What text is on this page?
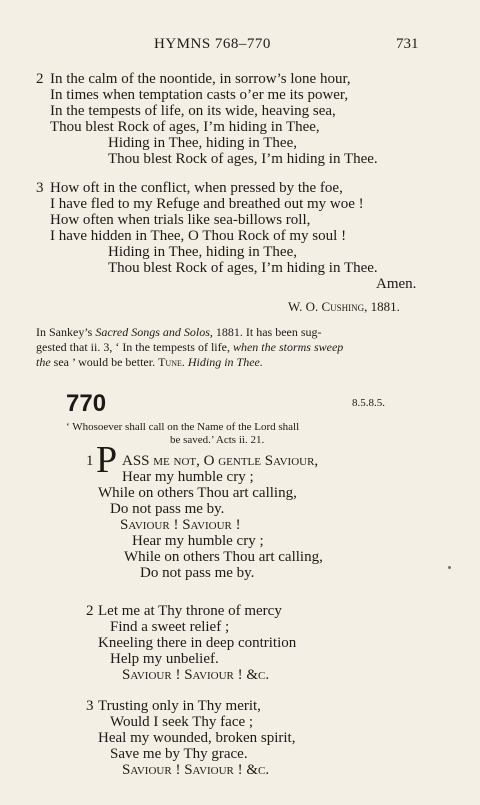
HYMNS 768–770	731
2 In the calm of the noontide, in sorrow’s lone hour,
In times when temptation casts o’er me its power,
In the tempests of life, on its wide, heaving sea,
Thou blest Rock of ages, I’m hiding in Thee,
Hiding in Thee, hiding in Thee,
Thou blest Rock of ages, I’m hiding in Thee.
3 How oft in the conflict, when pressed by the foe,
I have fled to my Refuge and breathed out my woe !
How often when trials like sea-billows roll,
I have hidden in Thee, O Thou Rock of my soul !
Hiding in Thee, hiding in Thee,
Thou blest Rock of ages, I’m hiding in Thee.
Amen.
W. O. Cushing, 1881.
In Sankey’s Sacred Songs and Solos, 1881. It has been sug-
gested that ii. 3, ‘ In the tempests of life, when the storms sweep
the sea ’ would be better. Tune. Hiding in Thee.
770	8.5.8.5.
‘ Whosoever shall call on the Name of the Lord shall
be saved.’ Acts ii. 21.
1 P ASS me not, O gentle Saviour,
Hear my humble cry ;
While on others Thou art calling,
Do not pass me by.
Saviour ! Saviour !
Hear my humble cry ;
While on others Thou art calling,
Do not pass me by.
2 Let me at Thy throne of mercy
Find a sweet relief ;
Kneeling there in deep contrition
Help my unbelief.
Saviour ! Saviour ! &c.
3 Trusting only in Thy merit,
Would I seek Thy face ;
Heal my wounded, broken spirit,
Save me by Thy grace.
Saviour ! Saviour ! &c.
